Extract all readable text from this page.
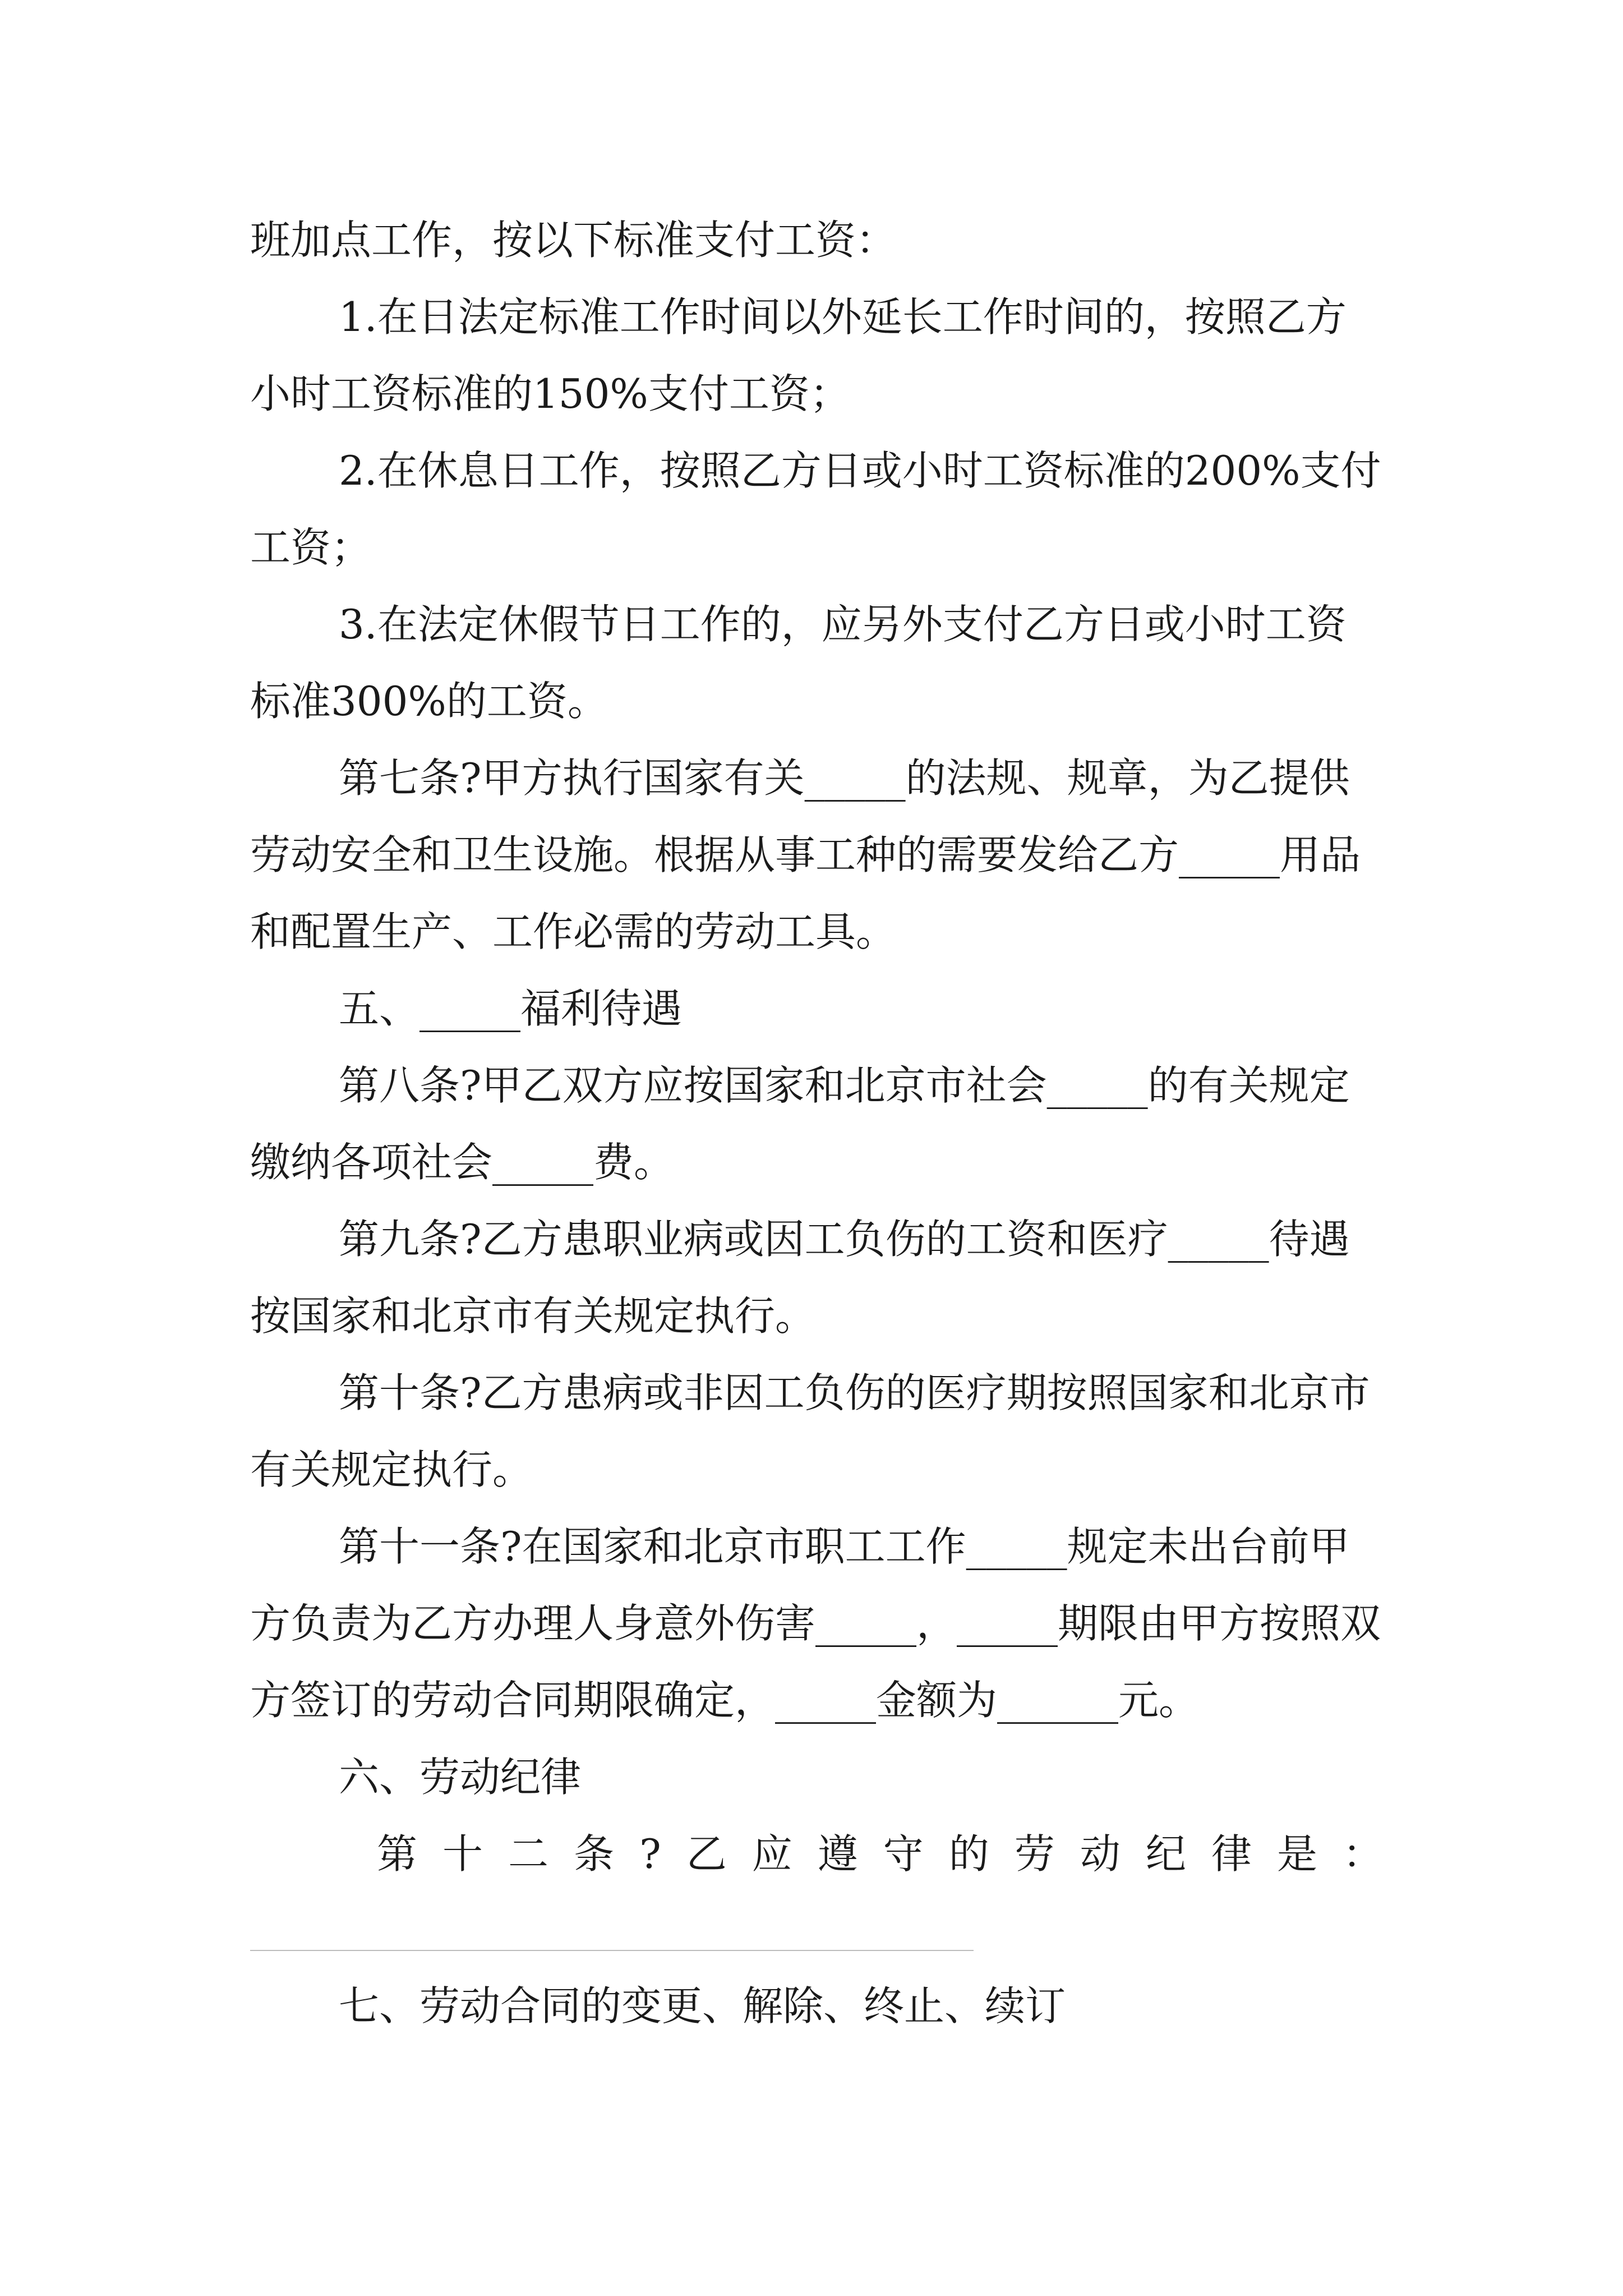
班加点工作，按以下标准支付工资：

1.在日法定标准工作时间以外延长工作时间的，按照乙方小时工资标准的150%支付工资；

2.在休息日工作，按照乙方日或小时工资标准的200%支付工资；

3.在法定休假节日工作的，应另外支付乙方日或小时工资标准300%的工资。

第七条?甲方执行国家有关_____的法规、规章，为乙提供劳动安全和卫生设施。根据从事工种的需要发给乙方_____用品和配置生产、工作必需的劳动工具。

五、_____福利待遇

第八条?甲乙双方应按国家和北京市社会_____的有关规定缴纳各项社会_____费。

第九条?乙方患职业病或因工负伤的工资和医疗_____待遇按国家和北京市有关规定执行。

第十条?乙方患病或非因工负伤的医疗期按照国家和北京市有关规定执行。

第十一条?在国家和北京市职工工作_____规定未出台前甲方负责为乙方办理人身意外伤害_____，_____期限由甲方按照双方签订的劳动合同期限确定，_____金额为______元。

六、劳动纪律

第十二条?乙应遵守的劳动纪律是：

七、劳动合同的变更、解除、终止、续订
